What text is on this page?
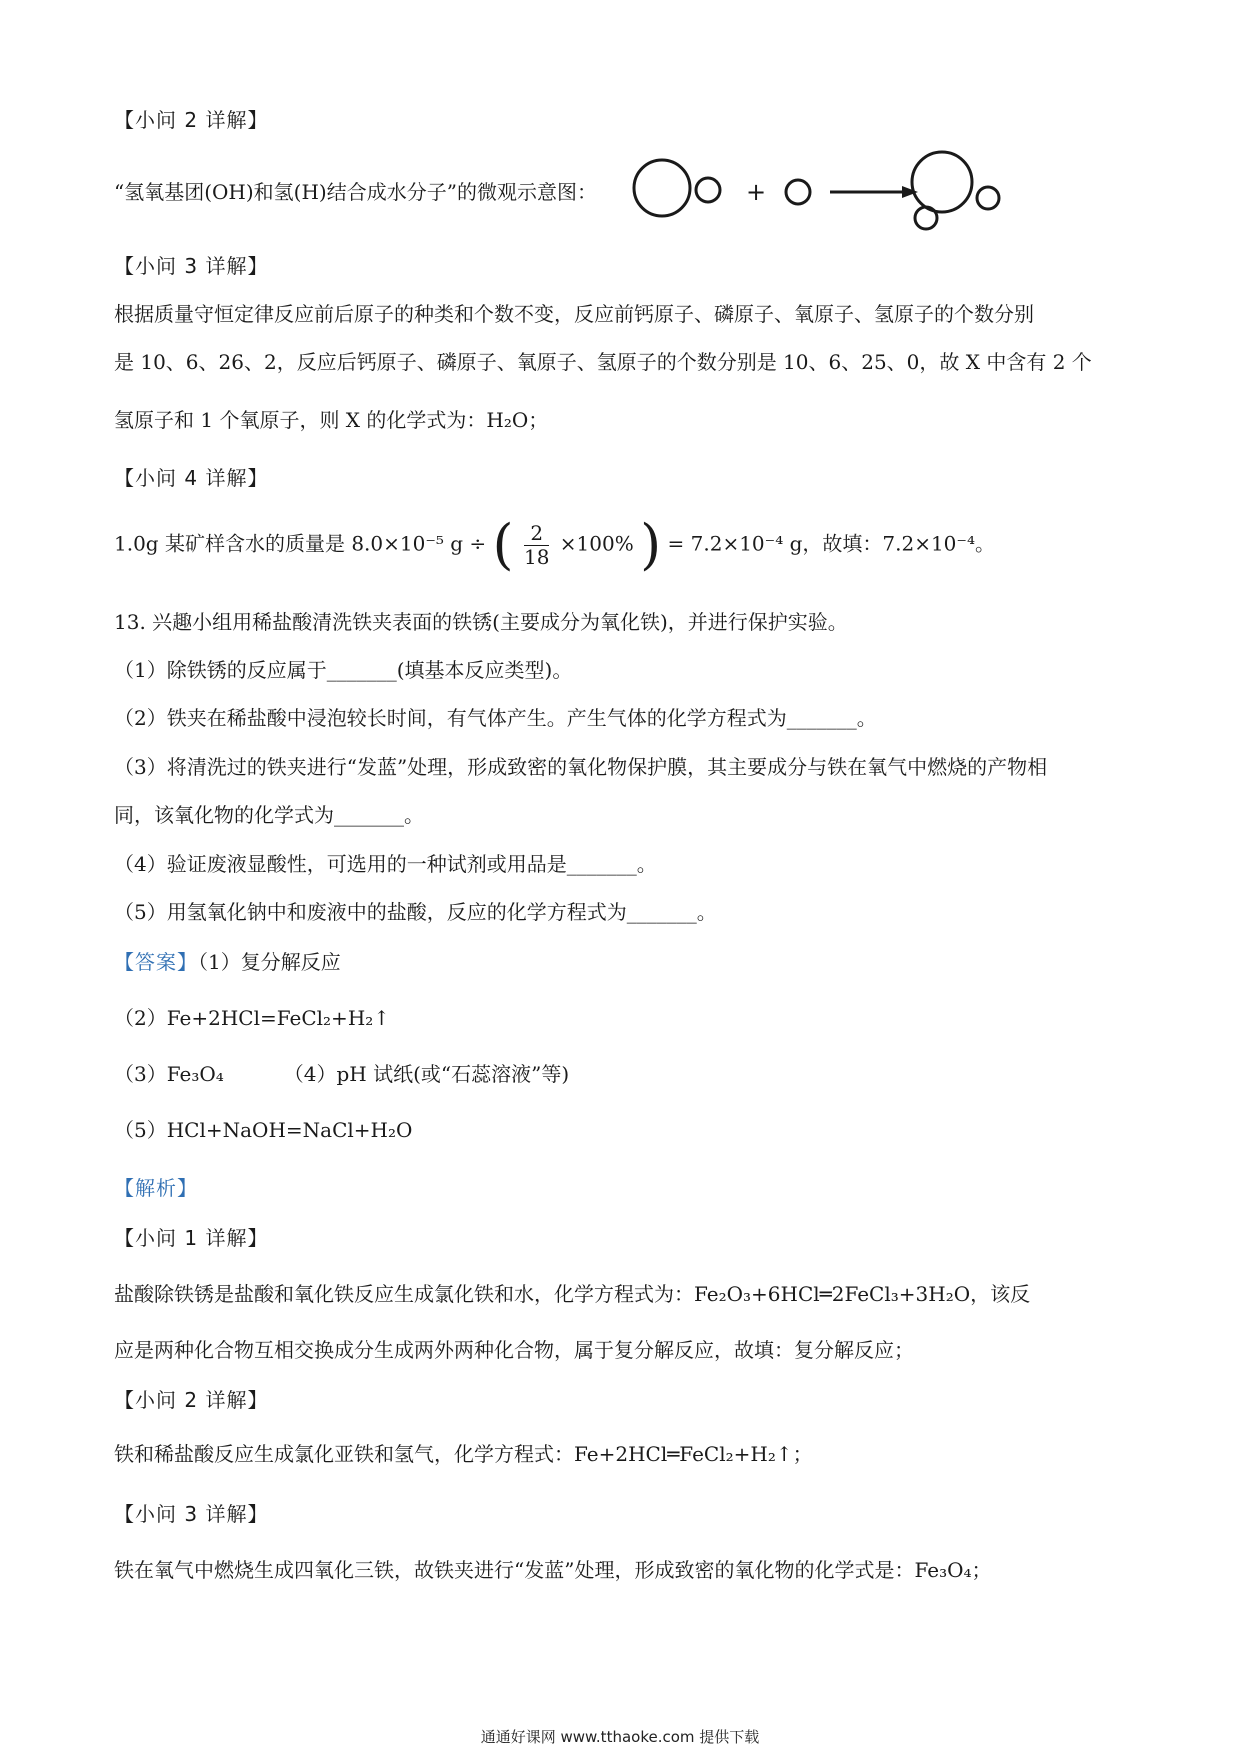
【小问 2 详解】
“氢氧基团(OH)和氢(H)结合成水分子”的微观示意图：	+
【小问 3 详解】
根据质量守恒定律反应前后原子的种类和个数不变，反应前钙原子、磷原子、氧原子、氢原子的个数分别
是 10、6、26、2，反应后钙原子、磷原子、氧原子、氢原子的个数分别是 10、6、25、0，故 X 中含有 2 个
氢原子和 1 个氧原子，则 X 的化学式为：H₂O；
【小问 4 详解】
1.0g 某矿样含水的质量是 8.0×10⁻⁵ g ÷ ( $\frac{2}{18} \times 100\%$ ) = 7.2×10⁻⁴ g，故填：7.2×10⁻⁴。
13. 兴趣小组用稀盐酸清洗铁夹表面的铁锈(主要成分为氧化铁)，并进行保护实验。
（1）除铁锈的反应属于_______(填基本反应类型)。
（2）铁夹在稀盐酸中浸泡较长时间，有气体产生。产生气体的化学方程式为_______。
（3）将清洗过的铁夹进行“发蓝”处理，形成致密的氧化物保护膜，其主要成分与铁在氧气中燃烧的产物相
同，该氧化物的化学式为_______。
（4）验证废液显酸性，可选用的一种试剂或用品是_______。
（5）用氢氧化钠中和废液中的盐酸，反应的化学方程式为_______。
【答案】（1）复分解反应
（2）Fe+2HCl=FeCl₂+H₂↑
（3）Fe₃O₄	（4）pH 试纸(或“石蕊溶液”等)
（5）HCl+NaOH=NaCl+H₂O
【解析】
【小问 1 详解】
盐酸除铁锈是盐酸和氧化铁反应生成氯化铁和水，化学方程式为：Fe₂O₃+6HCl═2FeCl₃+3H₂O，该反
应是两种化合物互相交换成分生成两外两种化合物，属于复分解反应，故填：复分解反应；
【小问 2 详解】
铁和稀盐酸反应生成氯化亚铁和氢气，化学方程式：Fe+2HCl═FeCl₂+H₂↑；
【小问 3 详解】
铁在氧气中燃烧生成四氧化三铁，故铁夹进行“发蓝”处理，形成致密的氧化物的化学式是：Fe₃O₄；
通通好课网 www.tthaoke.com 提供下载
